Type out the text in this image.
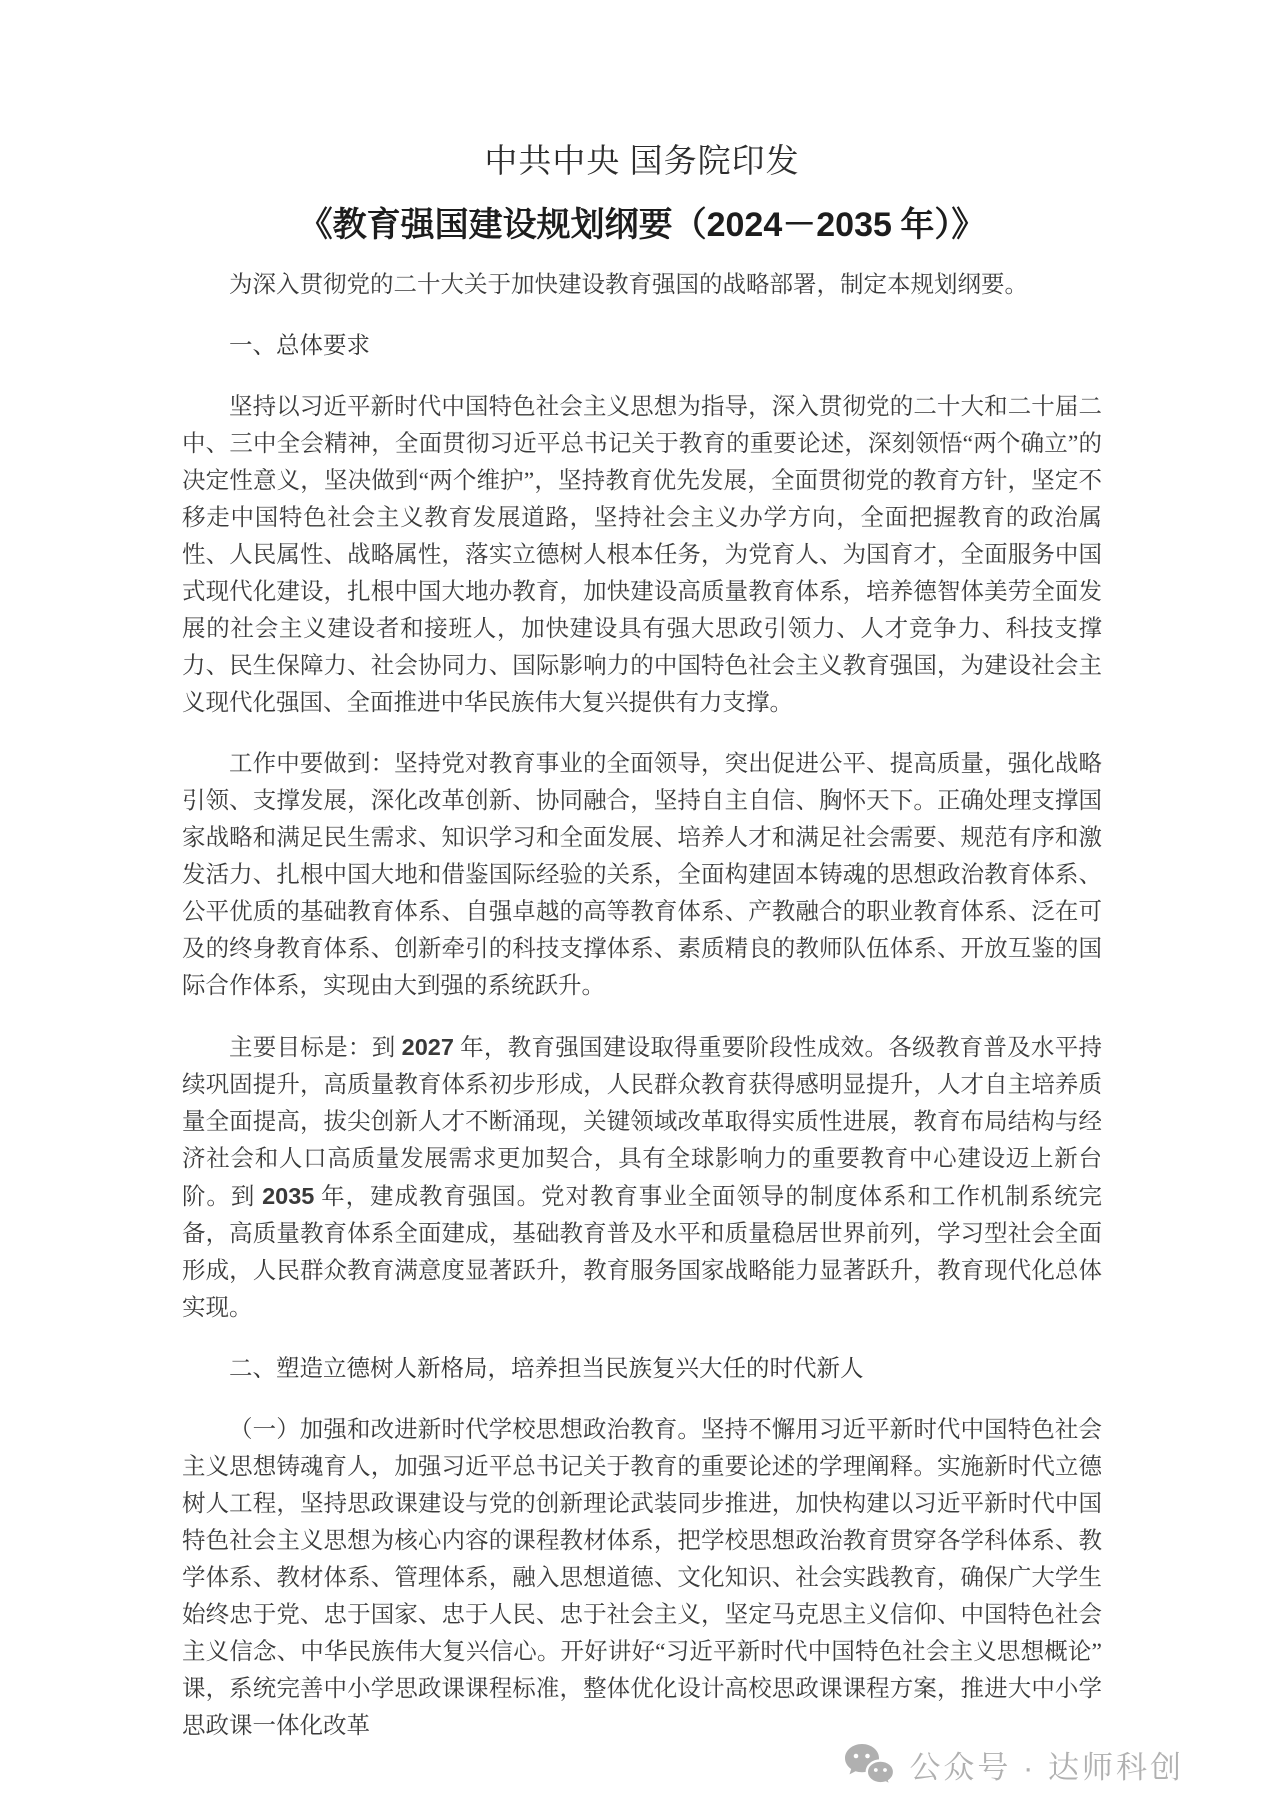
中共中央 国务院印发
《教育强国建设规划纲要（2024－2035 年）》

为深入贯彻党的二十大关于加快建设教育强国的战略部署，制定本规划纲要。

一、总体要求

坚持以习近平新时代中国特色社会主义思想为指导，深入贯彻党的二十大和二十届二中、三中全会精神，全面贯彻习近平总书记关于教育的重要论述，深刻领悟“两个确立”的决定性意义，坚决做到“两个维护”，坚持教育优先发展，全面贯彻党的教育方针，坚定不移走中国特色社会主义教育发展道路，坚持社会主义办学方向，全面把握教育的政治属性、人民属性、战略属性，落实立德树人根本任务，为党育人、为国育才，全面服务中国式现代化建设，扎根中国大地办教育，加快建设高质量教育体系，培养德智体美劳全面发展的社会主义建设者和接班人，加快建设具有强大思政引领力、人才竞争力、科技支撑力、民生保障力、社会协同力、国际影响力的中国特色社会主义教育强国，为建设社会主义现代化强国、全面推进中华民族伟大复兴提供有力支撑。

工作中要做到：坚持党对教育事业的全面领导，突出促进公平、提高质量，强化战略引领、支撑发展，深化改革创新、协同融合，坚持自主自信、胸怀天下。正确处理支撑国家战略和满足民生需求、知识学习和全面发展、培养人才和满足社会需要、规范有序和激发活力、扎根中国大地和借鉴国际经验的关系，全面构建固本铸魂的思想政治教育体系、公平优质的基础教育体系、自强卓越的高等教育体系、产教融合的职业教育体系、泛在可及的终身教育体系、创新牵引的科技支撑体系、素质精良的教师队伍体系、开放互鉴的国际合作体系，实现由大到强的系统跃升。

主要目标是：到 2027 年，教育强国建设取得重要阶段性成效。各级教育普及水平持续巩固提升，高质量教育体系初步形成，人民群众教育获得感明显提升，人才自主培养质量全面提高，拔尖创新人才不断涌现，关键领域改革取得实质性进展，教育布局结构与经济社会和人口高质量发展需求更加契合，具有全球影响力的重要教育中心建设迈上新台阶。到 2035 年，建成教育强国。党对教育事业全面领导的制度体系和工作机制系统完备，高质量教育体系全面建成，基础教育普及水平和质量稳居世界前列，学习型社会全面形成，人民群众教育满意度显著跃升，教育服务国家战略能力显著跃升，教育现代化总体实现。

二、塑造立德树人新格局，培养担当民族复兴大任的时代新人

（一）加强和改进新时代学校思想政治教育。坚持不懈用习近平新时代中国特色社会主义思想铸魂育人，加强习近平总书记关于教育的重要论述的学理阐释。实施新时代立德树人工程，坚持思政课建设与党的创新理论武装同步推进，加快构建以习近平新时代中国特色社会主义思想为核心内容的课程教材体系，把学校思想政治教育贯穿各学科体系、教学体系、教材体系、管理体系，融入思想道德、文化知识、社会实践教育，确保广大学生始终忠于党、忠于国家、忠于人民、忠于社会主义，坚定马克思主义信仰、中国特色社会主义信念、中华民族伟大复兴信心。开好讲好“习近平新时代中国特色社会主义思想概论”课，系统完善中小学思政课课程标准，整体优化设计高校思政课课程方案，推进大中小学思政课一体化改革

公众号 · 达师科创
